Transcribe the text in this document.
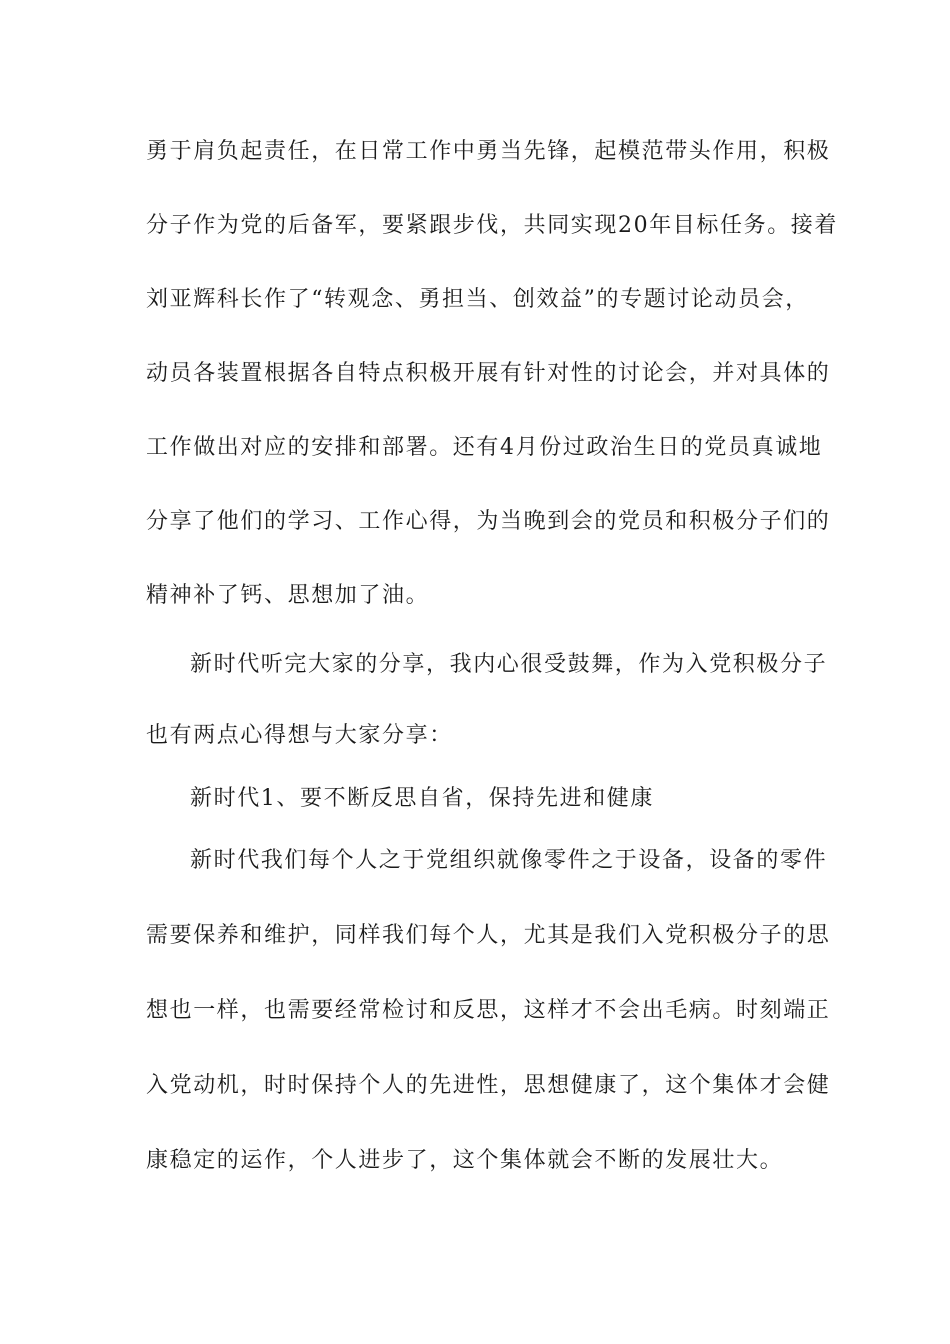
勇于肩负起责任，在日常工作中勇当先锋，起模范带头作用，积极
分子作为党的后备军，要紧跟步伐，共同实现20年目标任务。接着
刘亚辉科长作了“转观念、勇担当、创效益”的专题讨论动员会，
动员各装置根据各自特点积极开展有针对性的讨论会，并对具体的
工作做出对应的安排和部署。还有4月份过政治生日的党员真诚地
分享了他们的学习、工作心得，为当晚到会的党员和积极分子们的
精神补了钙、思想加了油。
新时代听完大家的分享，我内心很受鼓舞，作为入党积极分子
也有两点心得想与大家分享：
新时代1、要不断反思自省，保持先进和健康
新时代我们每个人之于党组织就像零件之于设备，设备的零件
需要保养和维护，同样我们每个人，尤其是我们入党积极分子的思
想也一样，也需要经常检讨和反思，这样才不会出毛病。时刻端正
入党动机，时时保持个人的先进性，思想健康了，这个集体才会健
康稳定的运作，个人进步了，这个集体就会不断的发展壮大。
